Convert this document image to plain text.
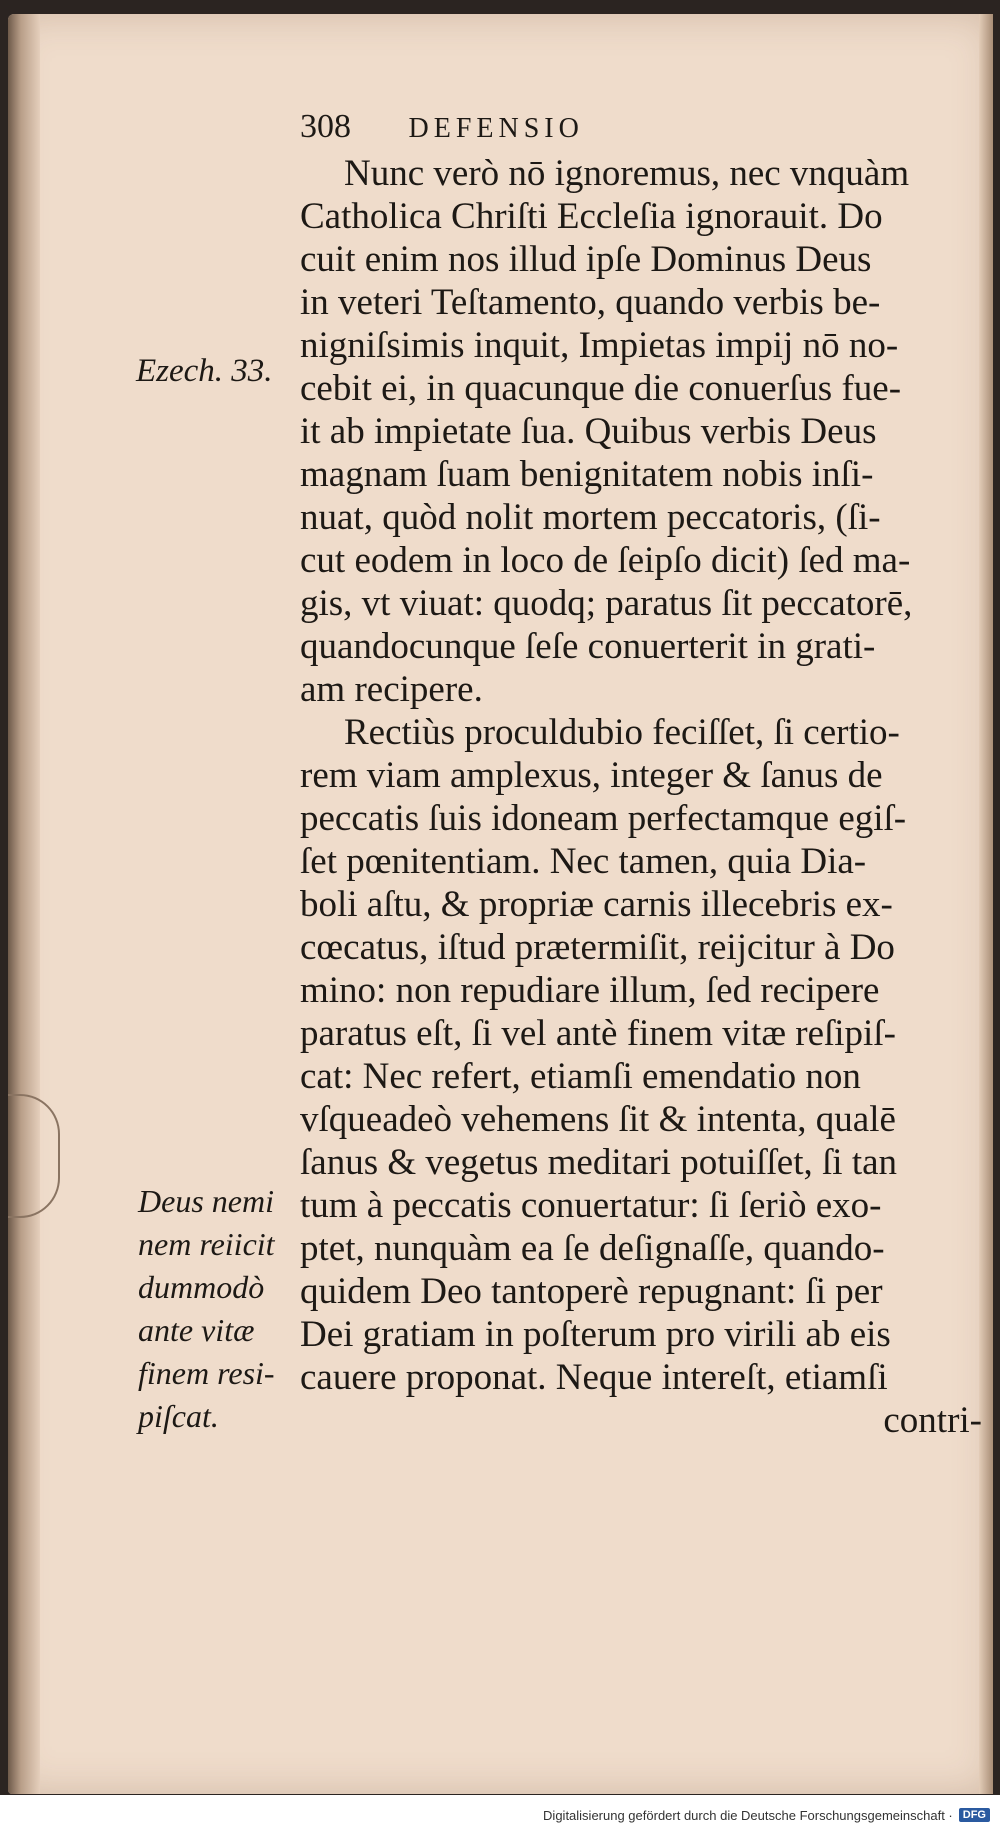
308 DEFENSIO
Ezech. 33.
Nunc verò nō ignoremus, nec vnquàm
Catholica Chriſti Eccleſia ignorauit. Do
cuit enim nos illud ipſe Dominus Deus
in veteri Teſtamento, quando verbis be-
nigniſsimis inquit, Impietas impij nō no-
cebit ei, in quacunque die conuerſus fue-
it ab impietate ſua. Quibus verbis Deus
magnam ſuam benignitatem nobis inſi-
nuat, quòd nolit mortem peccatoris, (ſi-
cut eodem in loco de ſeipſo dicit) ſed ma-
gis, vt viuat: quodq; paratus ſit peccatorē,
quandocunque ſeſe conuerterit in grati-
am recipere.
Rectiùs proculdubio feciſſet, ſi certio-
rem viam amplexus, integer & ſanus de
peccatis ſuis idoneam perfectamque egiſ-
ſet pœnitentiam. Nec tamen, quia Dia-
boli aſtu, & propriæ carnis illecebris ex-
cœcatus, iſtud prætermiſit, reijcitur à Do
mino: non repudiare illum, ſed recipere
paratus eſt, ſi vel antè finem vitæ reſipiſ-
cat: Nec refert, etiamſi emendatio non
vſqueadeò vehemens ſit & intenta, qualē
ſanus & vegetus meditari potuiſſet, ſi tan
tum à peccatis conuertatur: ſi ſeriò exo-
ptet, nunquàm ea ſe deſignaſſe, quando-
quidem Deo tantoperè repugnant: ſi per
Dei gratiam in poſterum pro virili ab eis
cauere proponat. Neque intereſt, etiamſi
contri-
Deus nemi
nem reiicit
dummodò
ante vitæ
finem resi-
piſcat.
Digitalisierung gefördert durch die Deutsche Forschungsgemeinschaft · DFG
